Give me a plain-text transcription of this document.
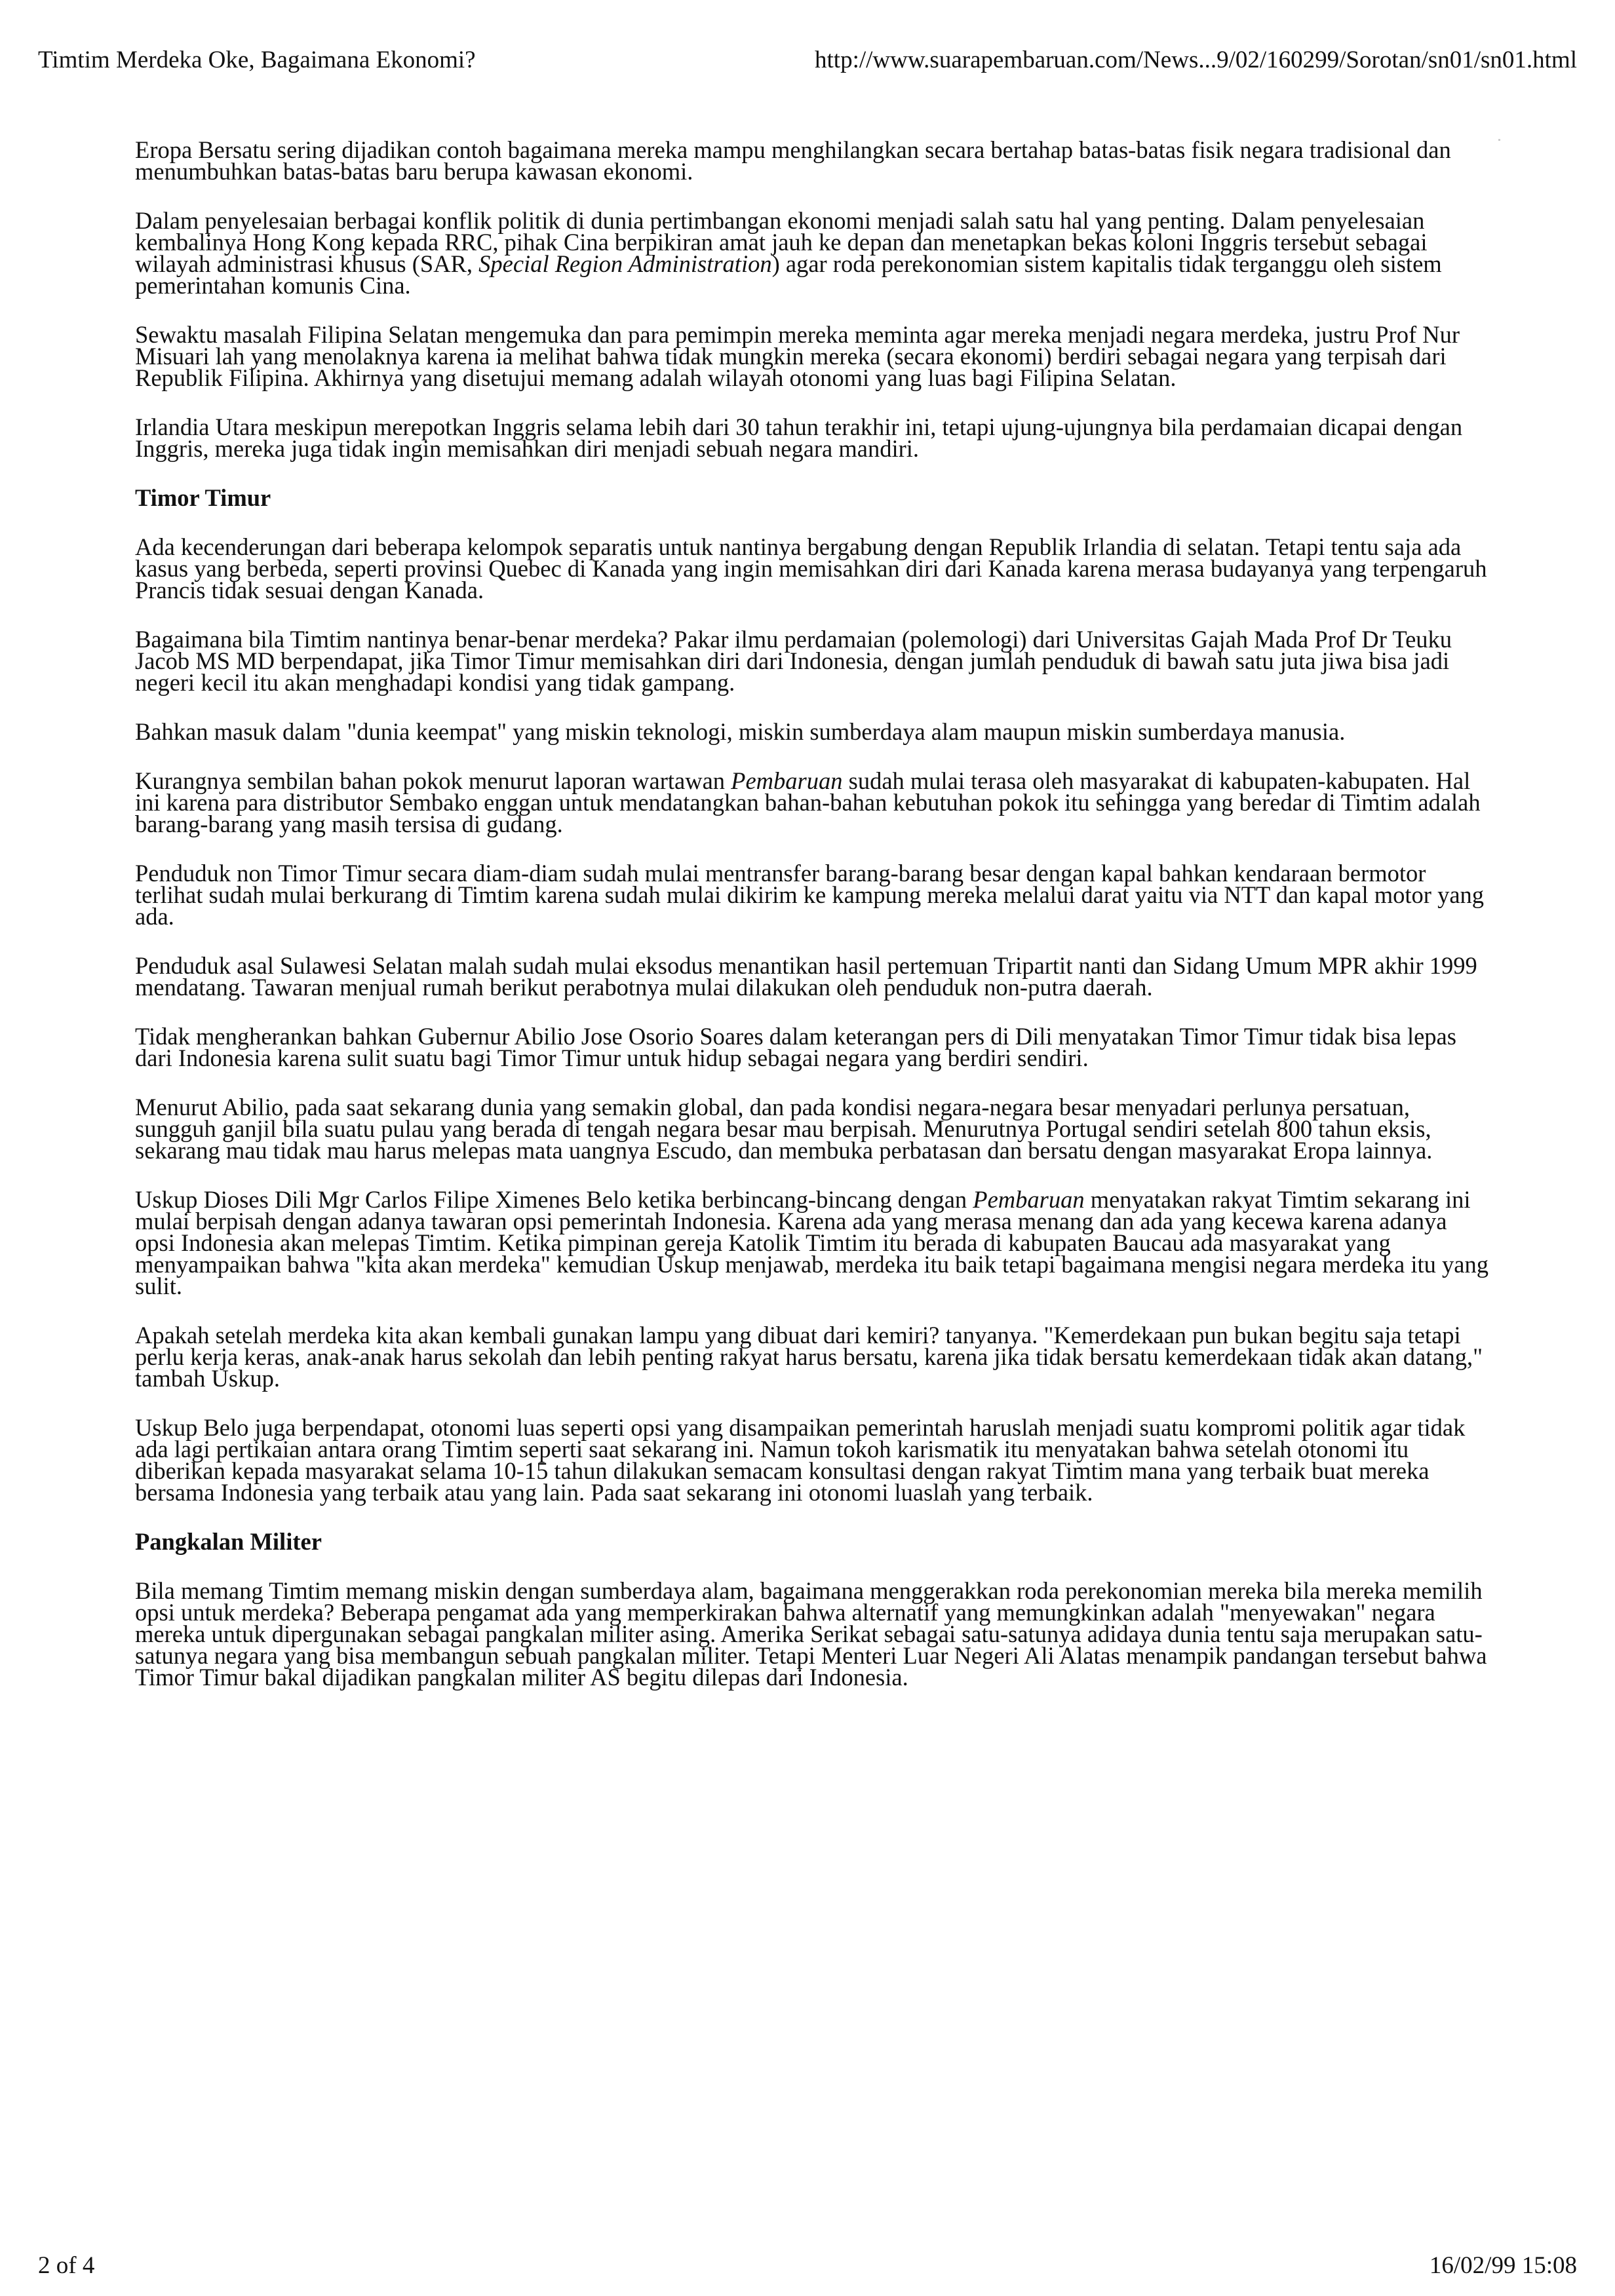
Timtim Merdeka Oke, Bagaimana Ekonomi?	http://www.suarapembaruan.com/News...9/02/160299/Sorotan/sn01/sn01.html

Eropa Bersatu sering dijadikan contoh bagaimana mereka mampu menghilangkan secara bertahap batas-batas fisik negara tradisional dan menumbuhkan batas-batas baru berupa kawasan ekonomi.

Dalam penyelesaian berbagai konflik politik di dunia pertimbangan ekonomi menjadi salah satu hal yang penting. Dalam penyelesaian kembalinya Hong Kong kepada RRC, pihak Cina berpikiran amat jauh ke depan dan menetapkan bekas koloni Inggris tersebut sebagai wilayah administrasi khusus (SAR, Special Region Administration) agar roda perekonomian sistem kapitalis tidak terganggu oleh sistem pemerintahan komunis Cina.

Sewaktu masalah Filipina Selatan mengemuka dan para pemimpin mereka meminta agar mereka menjadi negara merdeka, justru Prof Nur Misuari lah yang menolaknya karena ia melihat bahwa tidak mungkin mereka (secara ekonomi) berdiri sebagai negara yang terpisah dari Republik Filipina. Akhirnya yang disetujui memang adalah wilayah otonomi yang luas bagi Filipina Selatan.

Irlandia Utara meskipun merepotkan Inggris selama lebih dari 30 tahun terakhir ini, tetapi ujung-ujungnya bila perdamaian dicapai dengan Inggris, mereka juga tidak ingin memisahkan diri menjadi sebuah negara mandiri.

Timor Timur

Ada kecenderungan dari beberapa kelompok separatis untuk nantinya bergabung dengan Republik Irlandia di selatan. Tetapi tentu saja ada kasus yang berbeda, seperti provinsi Quebec di Kanada yang ingin memisahkan diri dari Kanada karena merasa budayanya yang terpengaruh Prancis tidak sesuai dengan Kanada.

Bagaimana bila Timtim nantinya benar-benar merdeka? Pakar ilmu perdamaian (polemologi) dari Universitas Gajah Mada Prof Dr Teuku Jacob MS MD berpendapat, jika Timor Timur memisahkan diri dari Indonesia, dengan jumlah penduduk di bawah satu juta jiwa bisa jadi negeri kecil itu akan menghadapi kondisi yang tidak gampang.

Bahkan masuk dalam "dunia keempat" yang miskin teknologi, miskin sumberdaya alam maupun miskin sumberdaya manusia.

Kurangnya sembilan bahan pokok menurut laporan wartawan Pembaruan sudah mulai terasa oleh masyarakat di kabupaten-kabupaten. Hal ini karena para distributor Sembako enggan untuk mendatangkan bahan-bahan kebutuhan pokok itu sehingga yang beredar di Timtim adalah barang-barang yang masih tersisa di gudang.

Penduduk non Timor Timur secara diam-diam sudah mulai mentransfer barang-barang besar dengan kapal bahkan kendaraan bermotor terlihat sudah mulai berkurang di Timtim karena sudah mulai dikirim ke kampung mereka melalui darat yaitu via NTT dan kapal motor yang ada.

Penduduk asal Sulawesi Selatan malah sudah mulai eksodus menantikan hasil pertemuan Tripartit nanti dan Sidang Umum MPR akhir 1999 mendatang. Tawaran menjual rumah berikut perabotnya mulai dilakukan oleh penduduk non-putra daerah.

Tidak mengherankan bahkan Gubernur Abilio Jose Osorio Soares dalam keterangan pers di Dili menyatakan Timor Timur tidak bisa lepas dari Indonesia karena sulit suatu bagi Timor Timur untuk hidup sebagai negara yang berdiri sendiri.

Menurut Abilio, pada saat sekarang dunia yang semakin global, dan pada kondisi negara-negara besar menyadari perlunya persatuan, sungguh ganjil bila suatu pulau yang berada di tengah negara besar mau berpisah. Menurutnya Portugal sendiri setelah 800 tahun eksis, sekarang mau tidak mau harus melepas mata uangnya Escudo, dan membuka perbatasan dan bersatu dengan masyarakat Eropa lainnya.

Uskup Dioses Dili Mgr Carlos Filipe Ximenes Belo ketika berbincang-bincang dengan Pembaruan menyatakan rakyat Timtim sekarang ini mulai berpisah dengan adanya tawaran opsi pemerintah Indonesia. Karena ada yang merasa menang dan ada yang kecewa karena adanya opsi Indonesia akan melepas Timtim. Ketika pimpinan gereja Katolik Timtim itu berada di kabupaten Baucau ada masyarakat yang menyampaikan bahwa "kita akan merdeka" kemudian Uskup menjawab, merdeka itu baik tetapi bagaimana mengisi negara merdeka itu yang sulit.

Apakah setelah merdeka kita akan kembali gunakan lampu yang dibuat dari kemiri? tanyanya. "Kemerdekaan pun bukan begitu saja tetapi perlu kerja keras, anak-anak harus sekolah dan lebih penting rakyat harus bersatu, karena jika tidak bersatu kemerdekaan tidak akan datang," tambah Uskup.

Uskup Belo juga berpendapat, otonomi luas seperti opsi yang disampaikan pemerintah haruslah menjadi suatu kompromi politik agar tidak ada lagi pertikaian antara orang Timtim seperti saat sekarang ini. Namun tokoh karismatik itu menyatakan bahwa setelah otonomi itu diberikan kepada masyarakat selama 10-15 tahun dilakukan semacam konsultasi dengan rakyat Timtim mana yang terbaik buat mereka bersama Indonesia yang terbaik atau yang lain. Pada saat sekarang ini otonomi luaslah yang terbaik.

Pangkalan Militer

Bila memang Timtim memang miskin dengan sumberdaya alam, bagaimana menggerakkan roda perekonomian mereka bila mereka memilih opsi untuk merdeka? Beberapa pengamat ada yang memperkirakan bahwa alternatif yang memungkinkan adalah "menyewakan" negara mereka untuk dipergunakan sebagai pangkalan militer asing. Amerika Serikat sebagai satu-satunya adidaya dunia tentu saja merupakan satu-satunya negara yang bisa membangun sebuah pangkalan militer. Tetapi Menteri Luar Negeri Ali Alatas menampik pandangan tersebut bahwa Timor Timur bakal dijadikan pangkalan militer AS begitu dilepas dari Indonesia.

2 of 4	16/02/99 15:08
